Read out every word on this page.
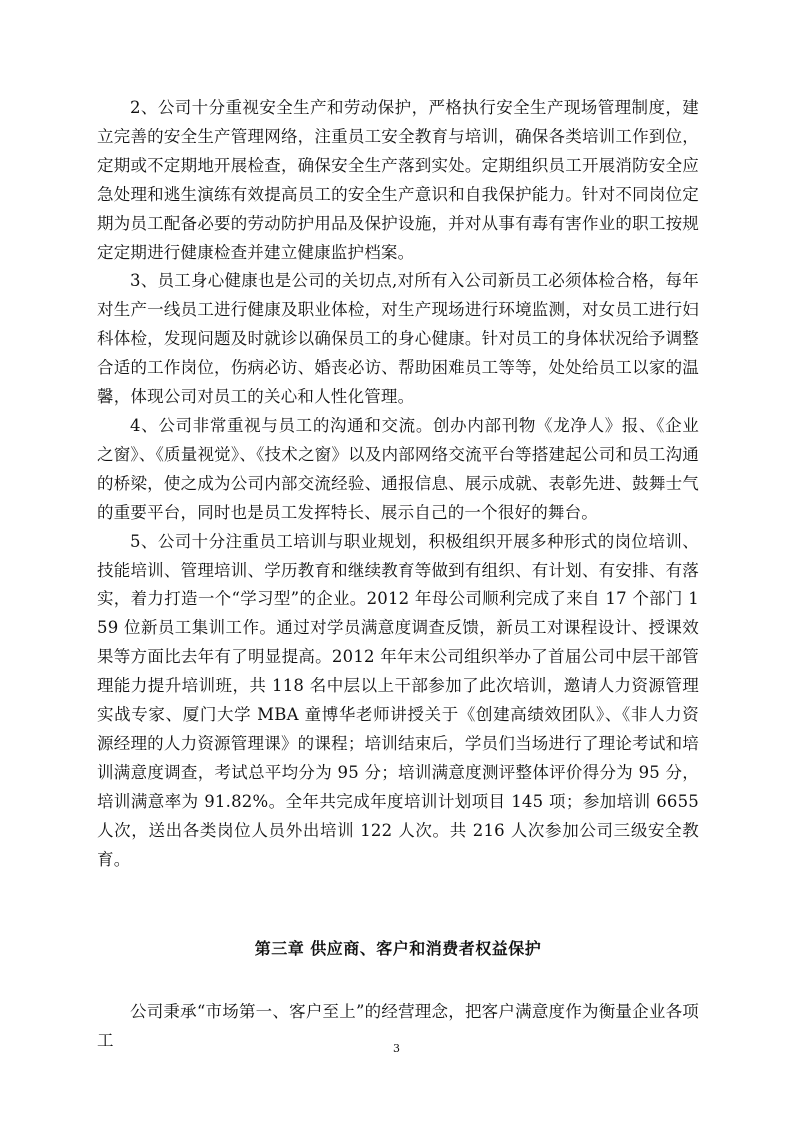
2、公司十分重视安全生产和劳动保护，严格执行安全生产现场管理制度，建立完善的安全生产管理网络，注重员工安全教育与培训，确保各类培训工作到位，定期或不定期地开展检查，确保安全生产落到实处。定期组织员工开展消防安全应急处理和逃生演练有效提高员工的安全生产意识和自我保护能力。针对不同岗位定期为员工配备必要的劳动防护用品及保护设施，并对从事有毒有害作业的职工按规定定期进行健康检查并建立健康监护档案。

3、员工身心健康也是公司的关切点,对所有入公司新员工必须体检合格，每年对生产一线员工进行健康及职业体检，对生产现场进行环境监测，对女员工进行妇科体检，发现问题及时就诊以确保员工的身心健康。针对员工的身体状况给予调整合适的工作岗位，伤病必访、婚丧必访、帮助困难员工等等，处处给员工以家的温馨，体现公司对员工的关心和人性化管理。

4、公司非常重视与员工的沟通和交流。创办内部刊物《龙净人》报、《企业之窗》、《质量视觉》、《技术之窗》以及内部网络交流平台等搭建起公司和员工沟通的桥梁，使之成为公司内部交流经验、通报信息、展示成就、表彰先进、鼓舞士气的重要平台，同时也是员工发挥特长、展示自己的一个很好的舞台。

5、公司十分注重员工培训与职业规划，积极组织开展多种形式的岗位培训、技能培训、管理培训、学历教育和继续教育等做到有组织、有计划、有安排、有落实，着力打造一个“学习型”的企业。2012 年母公司顺利完成了来自 17 个部门 159 位新员工集训工作。通过对学员满意度调查反馈，新员工对课程设计、授课效果等方面比去年有了明显提高。2012 年年末公司组织举办了首届公司中层干部管理能力提升培训班，共 118 名中层以上干部参加了此次培训，邀请人力资源管理实战专家、厦门大学 MBA 童博华老师讲授关于《创建高绩效团队》、《非人力资源经理的人力资源管理课》的课程；培训结束后，学员们当场进行了理论考试和培训满意度调查，考试总平均分为 95 分；培训满意度测评整体评价得分为 95 分，培训满意率为 91.82%。全年共完成年度培训计划项目 145 项；参加培训 6655 人次，送出各类岗位人员外出培训 122 人次。共 216 人次参加公司三级安全教育。

第三章 供应商、客户和消费者权益保护

公司秉承“市场第一、客户至上”的经营理念，把客户满意度作为衡量企业各项工	3
